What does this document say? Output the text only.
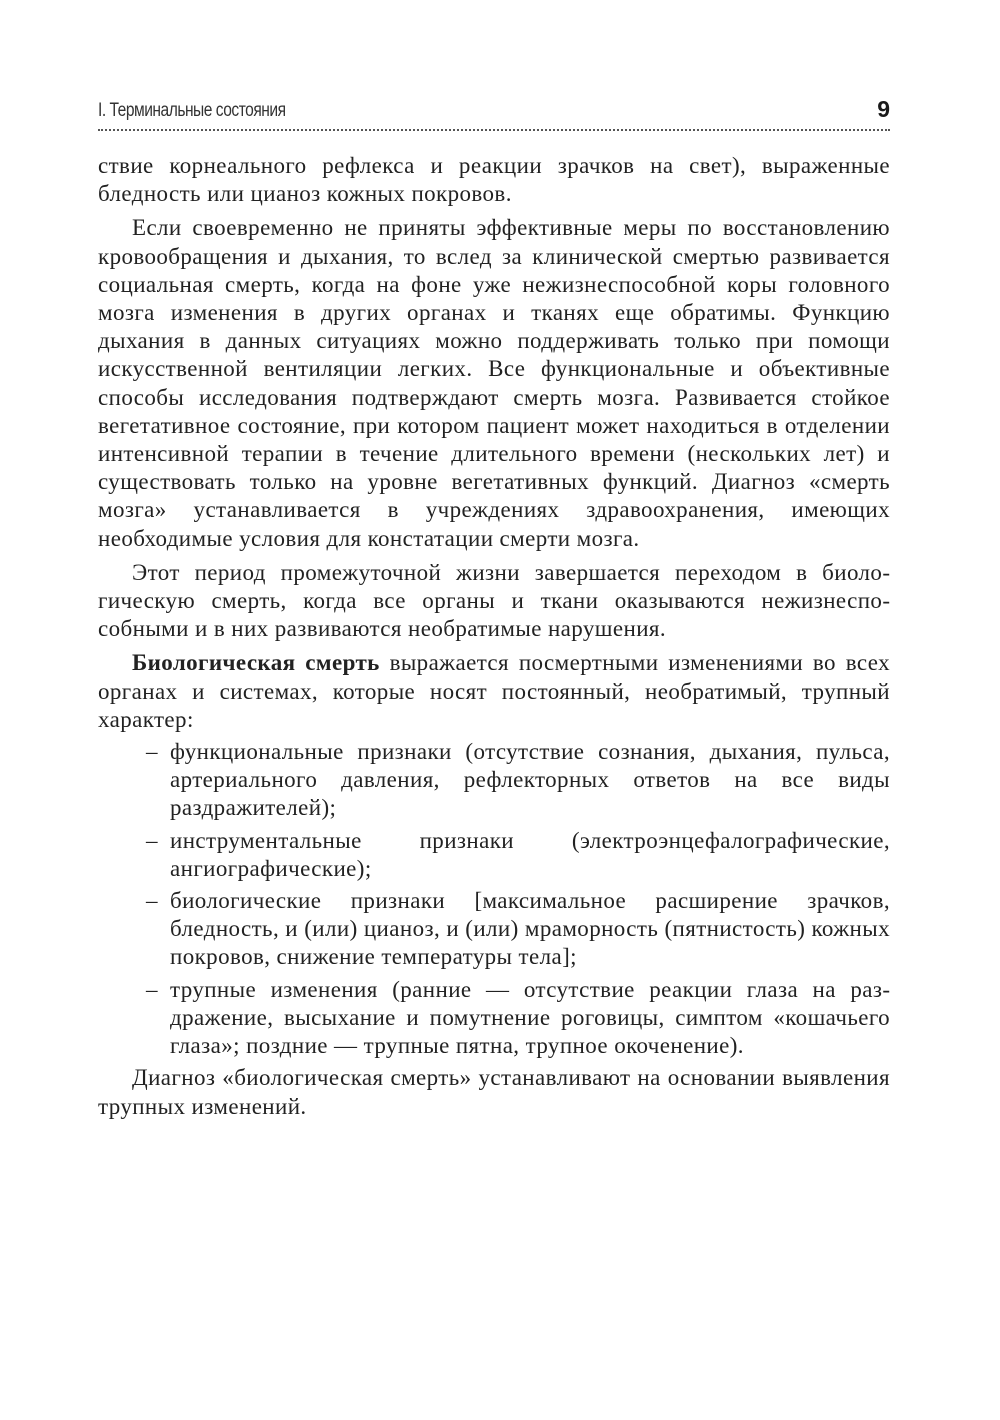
I. Терминальные состояния	9

ствие корнеального рефлекса и реакции зрачков на свет), выраженные бледность или цианоз кожных покровов.

Если своевременно не приняты эффективные меры по восстановлению кровообращения и дыхания, то вслед за клинической смертью развивается социальная смерть, когда на фоне уже нежизнеспособной коры головного мозга изменения в других органах и тканях еще обратимы. Функцию дыхания в данных ситуациях можно поддерживать только при помощи искусственной вентиляции легких. Все функциональные и объективные способы исследования подтверждают смерть мозга. Развивается стойкое вегетативное состояние, при котором пациент может находиться в отделении интенсивной терапии в течение длительного времени (нескольких лет) и существовать только на уровне вегетативных функций. Диагноз «смерть мозга» устанавливается в учреждениях здравоохранения, имеющих необходимые условия для констатации смерти мозга.

Этот период промежуточной жизни завершается переходом в биологическую смерть, когда все органы и ткани оказываются нежизнеспособными и в них развиваются необратимые нарушения.

Биологическая смерть выражается посмертными изменениями во всех органах и системах, которые носят постоянный, необратимый, трупный характер:

– функциональные признаки (отсутствие сознания, дыхания, пульса, артериального давления, рефлекторных ответов на все виды раздражителей);
– инструментальные признаки (электроэнцефалографические, ангиографические);
– биологические признаки [максимальное расширение зрачков, бледность, и (или) цианоз, и (или) мраморность (пятнистость) кожных покровов, снижение температуры тела];
– трупные изменения (ранние — отсутствие реакции глаза на раздражение, высыхание и помутнение роговицы, симптом «кошачьего глаза»; поздние — трупные пятна, трупное окоченение).

Диагноз «биологическая смерть» устанавливают на основании выявления трупных изменений.
